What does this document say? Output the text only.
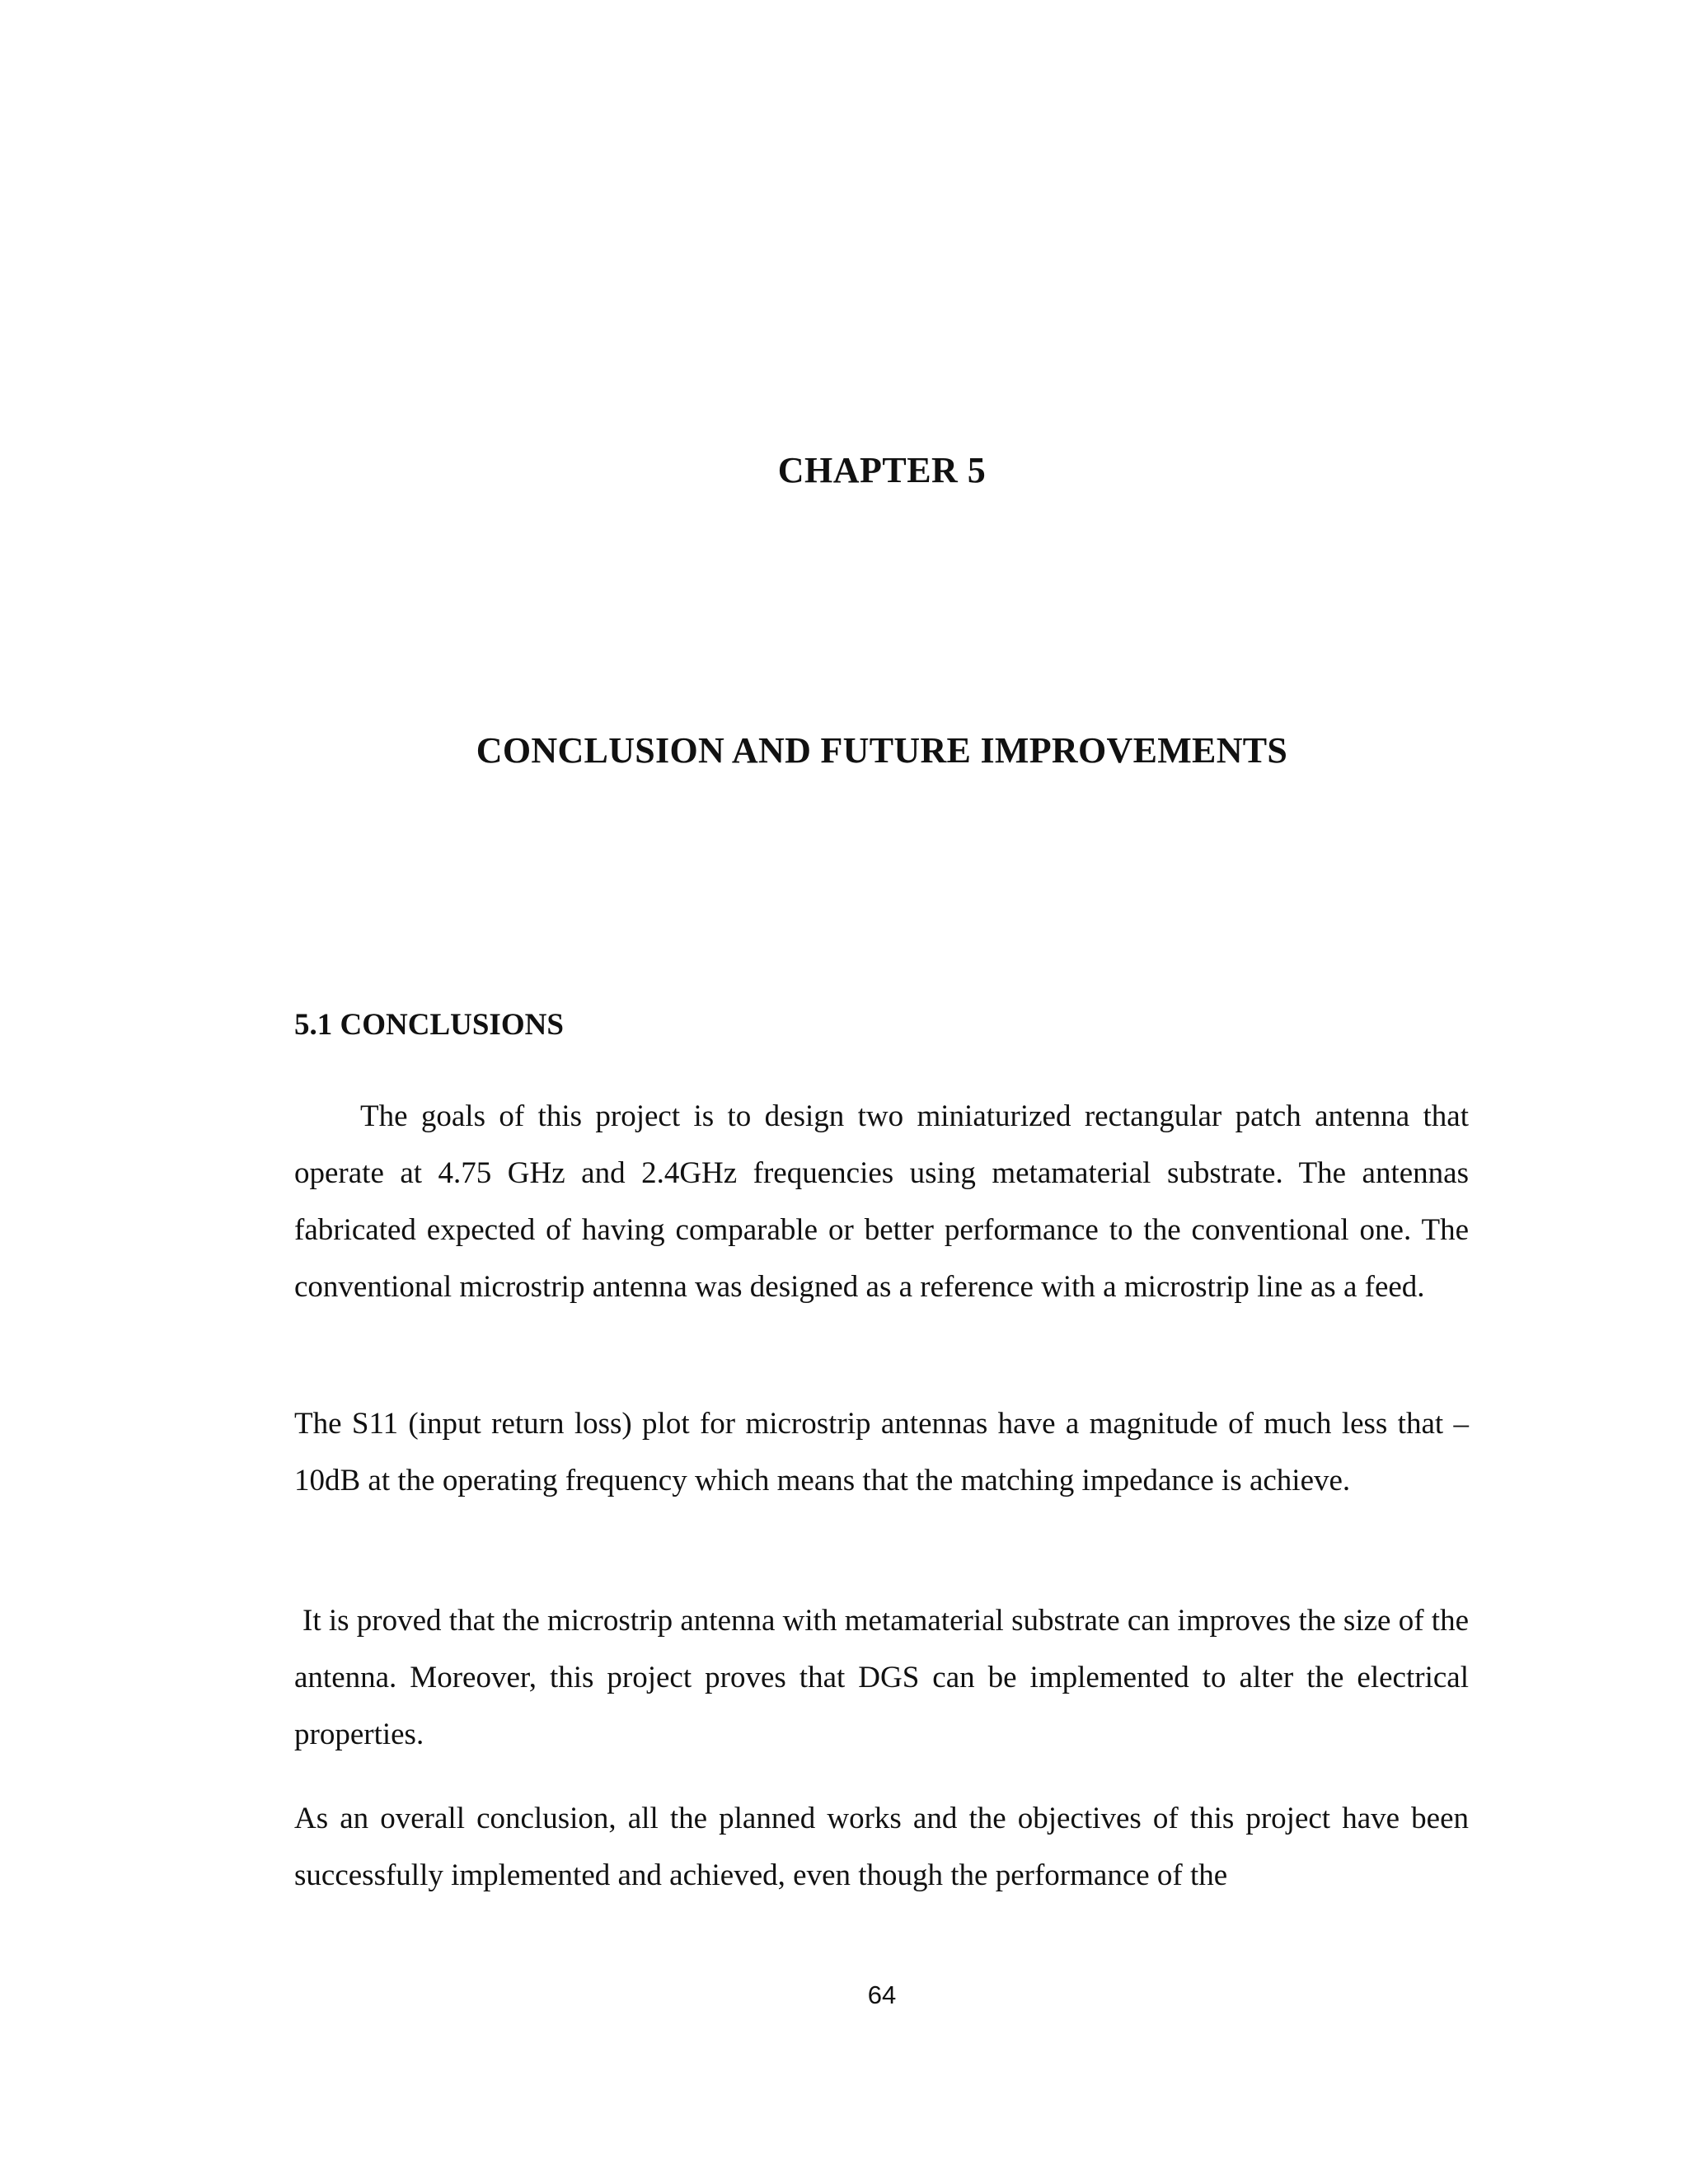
CHAPTER 5
CONCLUSION AND FUTURE IMPROVEMENTS
5.1 CONCLUSIONS

The goals of this project is to design two miniaturized rectangular patch antenna that operate at 4.75 GHz and 2.4GHz frequencies using metamaterial substrate. The antennas fabricated expected of having comparable or better performance to the conventional one. The conventional microstrip antenna was designed as a reference with a microstrip line as a feed.

The S11 (input return loss) plot for microstrip antennas have a magnitude of much less that –10dB at the operating frequency which means that the matching impedance is achieve.

It is proved that the microstrip antenna with metamaterial substrate can improves the size of the antenna. Moreover, this project proves that DGS can be implemented to alter the electrical properties.

As an overall conclusion, all the planned works and the objectives of this project have been successfully implemented and achieved, even though the performance of the

64
